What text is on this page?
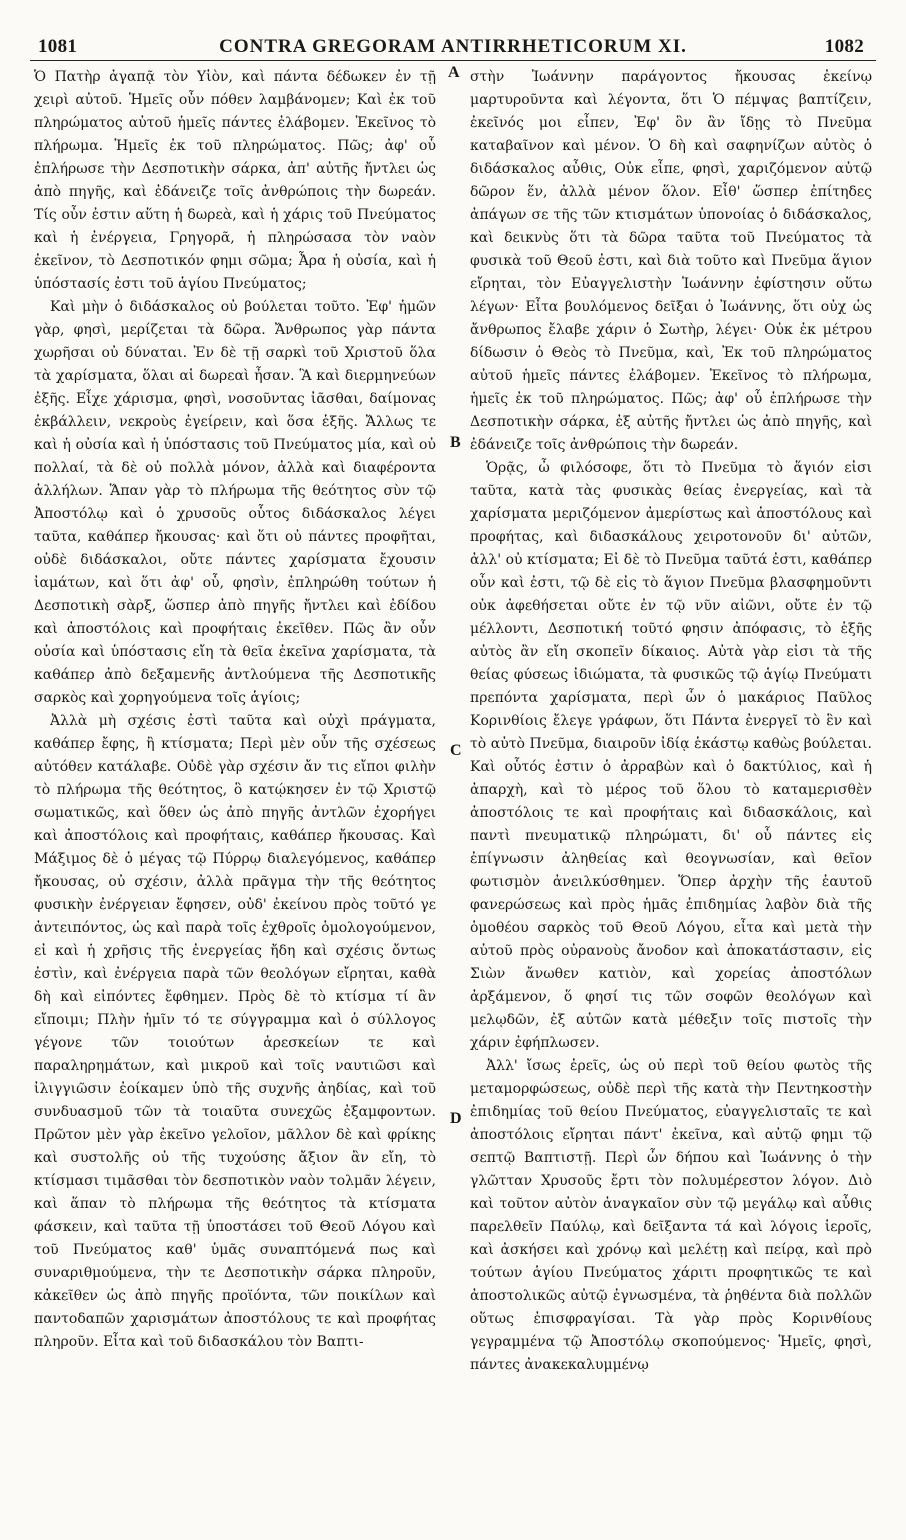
1081	CONTRA GREGORAM ANTIRRHETICORUM XI.	1082

Ὁ Πατὴρ ἀγαπᾷ τὸν Υἱὸν, καὶ πάντα δέδωκεν ἐν τῇ χειρὶ αὐτοῦ. Ἡμεῖς οὖν πόθεν λαμβάνομεν; Καὶ ἐκ τοῦ πληρώματος αὐτοῦ ἡμεῖς πάντες ἐλάβομεν. Ἐκεῖνος τὸ πλήρωμα. Ἡμεῖς ἐκ τοῦ πληρώματος. Πῶς; ἀφ' οὗ ἐπλήρωσε τὴν Δεσποτικὴν σάρκα, ἀπ' αὐτῆς ἤντλει ὡς ἀπὸ πηγῆς, καὶ ἐδάνειζε τοῖς ἀνθρώποις τὴν δωρεάν. Τίς οὖν ἐστιν αὕτη ἡ δωρεὰ, καὶ ἡ χάρις τοῦ Πνεύματος καὶ ἡ ἐνέργεια, Γρηγορᾶ, ἡ πληρώσασα τὸν ναὸν ἐκεῖνον, τὸ Δεσποτικόν φημι σῶμα; Ἆρα ἡ οὐσία, καὶ ἡ ὑπόστασίς ἐστι τοῦ ἁγίου Πνεύματος;

Καὶ μὴν ὁ διδάσκαλος οὐ βούλεται τοῦτο. Ἐφ' ἡμῶν γὰρ, φησὶ, μερίζεται τὰ δῶρα. Ἄνθρωπος γὰρ πάντα χωρῆσαι οὐ δύναται. Ἐν δὲ τῇ σαρκὶ τοῦ Χριστοῦ ὅλα τὰ χαρίσματα, ὅλαι αἱ δωρεαὶ ἦσαν. Ἃ καὶ διερμηνεύων ἐξῆς. Εἶχε χάρισμα, φησὶ, νοσοῦντας ἰᾶσθαι, δαίμονας ἐκβάλλειν, νεκροὺς ἐγείρειν, καὶ ὅσα ἑξῆς. Ἄλλως τε καὶ ἡ οὐσία καὶ ἡ ὑπόστασις τοῦ Πνεύματος μία, καὶ οὐ πολλαί, τὰ δὲ οὐ πολλὰ μόνον, ἀλλὰ καὶ διαφέροντα ἀλλήλων. Ἅπαν γὰρ τὸ πλήρωμα τῆς θεότητος σὺν τῷ Ἀποστόλῳ καὶ ὁ χρυσοῦς οὗτος διδάσκαλος λέγει ταῦτα, καθάπερ ἤκουσας· καὶ ὅτι οὐ πάντες προφῆται, οὐδὲ διδάσκαλοι, οὔτε πάντες χαρίσματα ἔχουσιν ἰαμάτων, καὶ ὅτι ἀφ' οὗ, φησὶν, ἐπληρώθη τούτων ἡ Δεσποτικὴ σὰρξ, ὥσπερ ἀπὸ πηγῆς ἤντλει καὶ ἐδίδου καὶ ἀποστόλοις καὶ προφήταις ἐκεῖθεν. Πῶς ἂν οὖν οὐσία καὶ ὑπόστασις εἴη τὰ θεῖα ἐκεῖνα χαρίσματα, τὰ καθάπερ ἀπὸ δεξαμενῆς ἀντλούμενα τῆς Δεσποτικῆς σαρκὸς καὶ χορηγούμενα τοῖς ἁγίοις;

Ἀλλὰ μὴ σχέσις ἐστὶ ταῦτα καὶ οὐχὶ πράγματα, καθάπερ ἔφης, ἢ κτίσματα; Περὶ μὲν οὖν τῆς σχέσεως αὐτόθεν κατάλαβε. Οὐδὲ γὰρ σχέσιν ἄν τις εἴποι φιλὴν τὸ πλήρωμα τῆς θεότητος, ὃ κατῴκησεν ἐν τῷ Χριστῷ σωματικῶς, καὶ ὅθεν ὡς ἀπὸ πηγῆς ἀντλῶν ἐχορήγει καὶ ἀποστόλοις καὶ προφήταις, καθάπερ ἤκουσας. Καὶ Μάξιμος δὲ ὁ μέγας τῷ Πύρρῳ διαλεγόμενος, καθάπερ ἤκουσας, οὐ σχέσιν, ἀλλὰ πρᾶγμα τὴν τῆς θεότητος φυσικὴν ἐνέργειαν ἔφησεν, οὐδ' ἐκείνου πρὸς τοῦτό γε ἀντειπόντος, ὡς καὶ παρὰ τοῖς ἐχθροῖς ὁμολογούμενον, εἰ καὶ ἡ χρῆσις τῆς ἐνεργείας ἤδη καὶ σχέσις ὄντως ἐστὶν, καὶ ἐνέργεια παρὰ τῶν θεολόγων εἴρηται, καθὰ δὴ καὶ εἰπόντες ἔφθημεν. Πρὸς δὲ τὸ κτίσμα τί ἂν εἴποιμι; Πλὴν ἡμῖν τό τε σύγγραμμα καὶ ὁ σύλλογος γέγονε τῶν τοιούτων ἀρεσκείων τε καὶ παραληρημάτων, καὶ μικροῦ καὶ τοῖς ναυτιῶσι καὶ ἰλιγγιῶσιν ἐοίκαμεν ὑπὸ τῆς συχνῆς ἀηδίας, καὶ τοῦ συνδυασμοῦ τῶν τὰ τοιαῦτα συνεχῶς ἐξαμφοντων. Πρῶτον μὲν γὰρ ἐκεῖνο γελοῖον, μᾶλλον δὲ καὶ φρίκης καὶ συστολῆς οὐ τῆς τυχούσης ἄξιον ἂν εἴη, τὸ κτίσμασι τιμᾶσθαι τὸν δεσποτικὸν ναὸν τολμᾶν λέγειν, καὶ ἅπαν τὸ πλήρωμα τῆς θεότητος τὰ κτίσματα φάσκειν, καὶ ταῦτα τῇ ὑποστάσει τοῦ Θεοῦ Λόγου καὶ τοῦ Πνεύματος καθ' ὑμᾶς συναπτόμενά πως καὶ συναριθμούμενα, τὴν τε Δεσποτικὴν σάρκα πληροῦν, κἀκεῖθεν ὡς ἀπὸ πηγῆς προϊόντα, τῶν ποικίλων καὶ παντοδαπῶν χαρισμάτων ἀποστόλους τε καὶ προφήτας πληροῦν. Εἶτα καὶ τοῦ διδασκάλου τὸν Βαπτι-

στὴν Ἰωάννην παράγοντος ἤκουσας ἐκείνῳ μαρτυροῦντα καὶ λέγοντα, ὅτι Ὁ πέμψας βαπτίζειν, ἐκεῖνός μοι εἶπεν, Ἐφ' ὃν ἂν ἴδῃς τὸ Πνεῦμα καταβαῖνον καὶ μένον. Ὁ δὴ καὶ σαφηνίζων αὐτὸς ὁ διδάσκαλος αὖθις, Οὐκ εἶπε, φησὶ, χαριζόμενον αὐτῷ δῶρον ἕν, ἀλλὰ μένον ὅλον. Εἶθ' ὥσπερ ἐπίτηδες ἀπάγων σε τῆς τῶν κτισμάτων ὑπονοίας ὁ διδάσκαλος, καὶ δεικνὺς ὅτι τὰ δῶρα ταῦτα τοῦ Πνεύματος τὰ φυσικὰ τοῦ Θεοῦ ἐστι, καὶ διὰ τοῦτο καὶ Πνεῦμα ἅγιον εἴρηται, τὸν Εὐαγγελιστὴν Ἰωάννην ἐφίστησιν οὕτω λέγων· Εἶτα βουλόμενος δεῖξαι ὁ Ἰωάννης, ὅτι οὐχ ὡς ἄνθρωπος ἔλαβε χάριν ὁ Σωτὴρ, λέγει· Οὐκ ἐκ μέτρου δίδωσιν ὁ Θεὸς τὸ Πνεῦμα, καὶ, Ἐκ τοῦ πληρώματος αὐτοῦ ἡμεῖς πάντες ἐλάβομεν. Ἐκεῖνος τὸ πλήρωμα, ἡμεῖς ἐκ τοῦ πληρώματος. Πῶς; ἀφ' οὗ ἐπλήρωσε τὴν Δεσποτικὴν σάρκα, ἐξ αὐτῆς ἤντλει ὡς ἀπὸ πηγῆς, καὶ ἐδάνειζε τοῖς ἀνθρώποις τὴν δωρεάν.

Ὁρᾷς, ὦ φιλόσοφε, ὅτι τὸ Πνεῦμα τὸ ἅγιόν εἰσι ταῦτα, κατὰ τὰς φυσικὰς θείας ἐνεργείας, καὶ τὰ χαρίσματα μεριζόμενον ἀμερίστως καὶ ἀποστόλους καὶ προφήτας, καὶ διδασκάλους χειροτονοῦν δι' αὐτῶν, ἀλλ' οὐ κτίσματα; Εἰ δὲ τὸ Πνεῦμα ταῦτά ἐστι, καθάπερ οὖν καὶ ἐστι, τῷ δὲ εἰς τὸ ἅγιον Πνεῦμα βλασφημοῦντι οὐκ ἀφεθήσεται οὔτε ἐν τῷ νῦν αἰῶνι, οὔτε ἐν τῷ μέλλοντι, Δεσποτική τοῦτό φησιν ἀπόφασις, τὸ ἑξῆς αὐτὸς ἂν εἴη σκοπεῖν δίκαιος. Αὐτὰ γὰρ εἰσι τὰ τῆς θείας φύσεως ἰδιώματα, τὰ φυσικῶς τῷ ἁγίῳ Πνεύματι πρεπόντα χαρίσματα, περὶ ὧν ὁ μακάριος Παῦλος Κορινθίοις ἔλεγε γράφων, ὅτι Πάντα ἐνεργεῖ τὸ ἓν καὶ τὸ αὐτὸ Πνεῦμα, διαιροῦν ἰδίᾳ ἑκάστῳ καθὼς βούλεται. Καὶ οὗτός ἐστιν ὁ ἀρραβὼν καὶ ὁ δακτύλιος, καὶ ἡ ἀπαρχὴ, καὶ τὸ μέρος τοῦ ὅλου τὸ καταμερισθὲν ἀποστόλοις τε καὶ προφήταις καὶ διδασκάλοις, καὶ παντὶ πνευματικῷ πληρώματι, δι' οὗ πάντες εἰς ἐπίγνωσιν ἀληθείας καὶ θεογνωσίαν, καὶ θεῖον φωτισμὸν ἀνειλκύσθημεν. Ὅπερ ἀρχὴν τῆς ἑαυτοῦ φανερώσεως καὶ πρὸς ἡμᾶς ἐπιδημίας λαβὸν διὰ τῆς ὁμοθέου σαρκὸς τοῦ Θεοῦ Λόγου, εἶτα καὶ μετὰ τὴν αὐτοῦ πρὸς οὐρανοὺς ἄνοδον καὶ ἀποκατάστασιν, εἰς Σιὼν ἄνωθεν κατιὸν, καὶ χορείας ἀποστόλων ἀρξάμενον, ὅ φησί τις τῶν σοφῶν θεολόγων καὶ μελῳδῶν, ἐξ αὐτῶν κατὰ μέθεξιν τοῖς πιστοῖς τὴν χάριν ἐφήπλωσεν.

Ἀλλ' ἴσως ἐρεῖς, ὡς οὐ περὶ τοῦ θείου φωτὸς τῆς μεταμορφώσεως, οὐδὲ περὶ τῆς κατὰ τὴν Πεντηκοστὴν ἐπιδημίας τοῦ θείου Πνεύματος, εὐαγγελισταῖς τε καὶ ἀποστόλοις εἴρηται πάντ' ἐκεῖνα, καὶ αὐτῷ φημι τῷ σεπτῷ Βαπτιστῇ. Περὶ ὧν δήπου καὶ Ἰωάννης ὁ τὴν γλῶτταν Χρυσοῦς ἔρτι τὸν πολυμέρεστον λόγον. Διὸ καὶ τοῦτον αὐτὸν ἀναγκαῖον σὺν τῷ μεγάλῳ καὶ αὖθις παρελθεῖν Παύλῳ, καὶ δεῖξαντα τά καὶ λόγοις ἱεροῖς, καὶ ἀσκήσει καὶ χρόνῳ καὶ μελέτῃ καὶ πείρᾳ, καὶ πρὸ τούτων ἁγίου Πνεύματος χάριτι προφητικῶς τε καὶ ἀποστολικῶς αὐτῷ ἐγνωσμένα, τὰ ῥηθέντα διὰ πολλῶν οὕτως ἐπισφραγίσαι. Τὰ γὰρ πρὸς Κορινθίους γεγραμμένα τῷ Ἀποστόλῳ σκοπούμενος· Ἡμεῖς, φησὶ, πάντες ἀνακεκαλυμμένῳ

A
B
C
D
